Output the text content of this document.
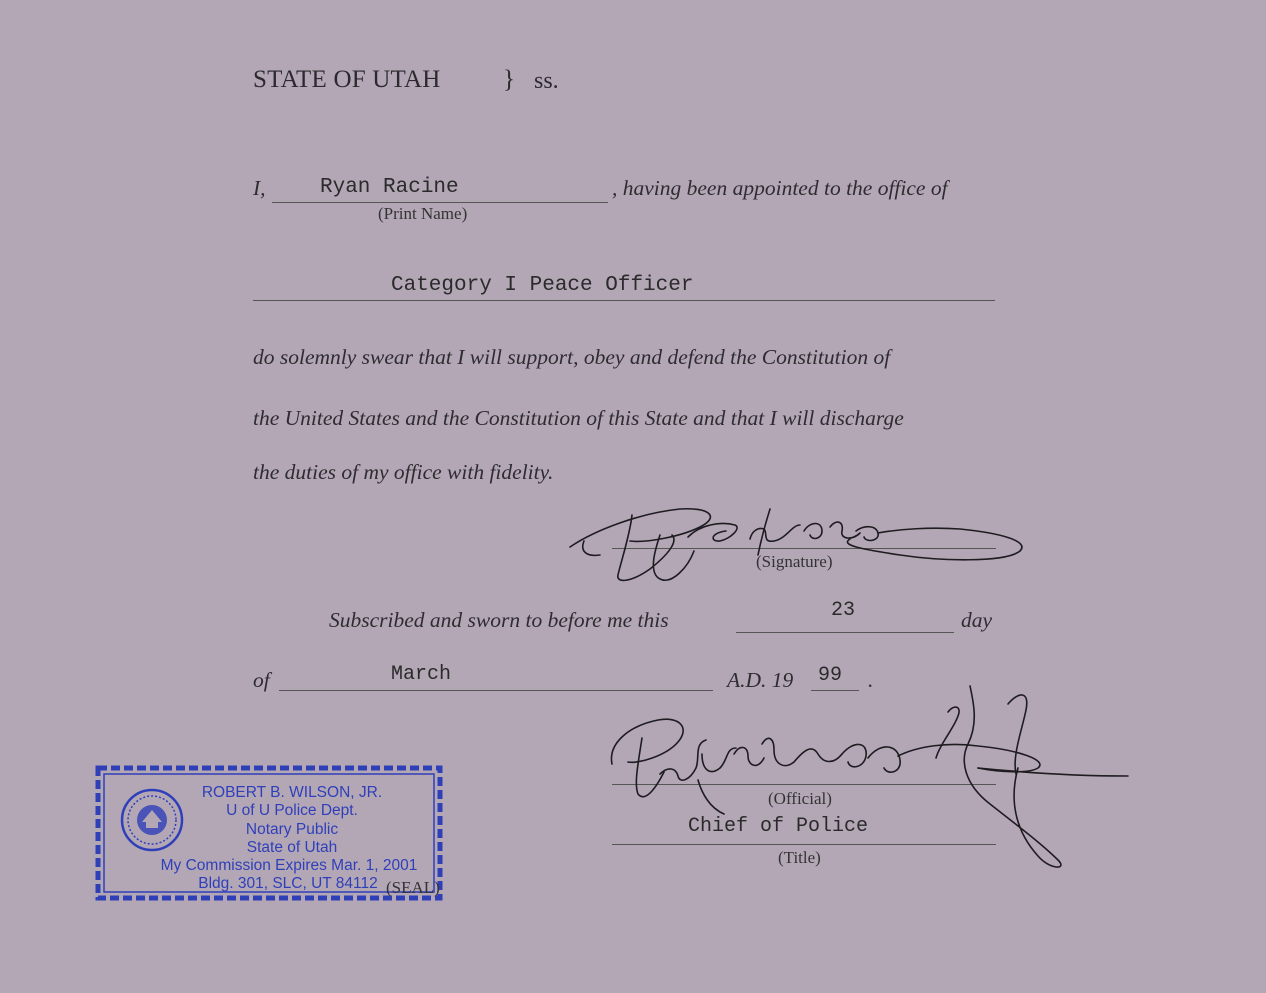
STATE OF UTAH	} ss.
I,	Ryan Racine
(Print Name)
, having been appointed to the office of
Category I Peace Officer
do solemnly swear that I will support, obey and defend the Constitution of
the United States and the Constitution of this State and that I will discharge
the duties of my office with fidelity.
(Signature)
Subscribed and sworn to before me this	23	day
of	March	A.D. 19 99 .
(Official)
Chief of Police
(Title)
ROBERT B. WILSON, JR.
U of U Police Dept.
Notary Public
State of Utah
My Commission Expires Mar. 1, 2001
Bldg. 301, SLC, UT 84112 (SEAL)
